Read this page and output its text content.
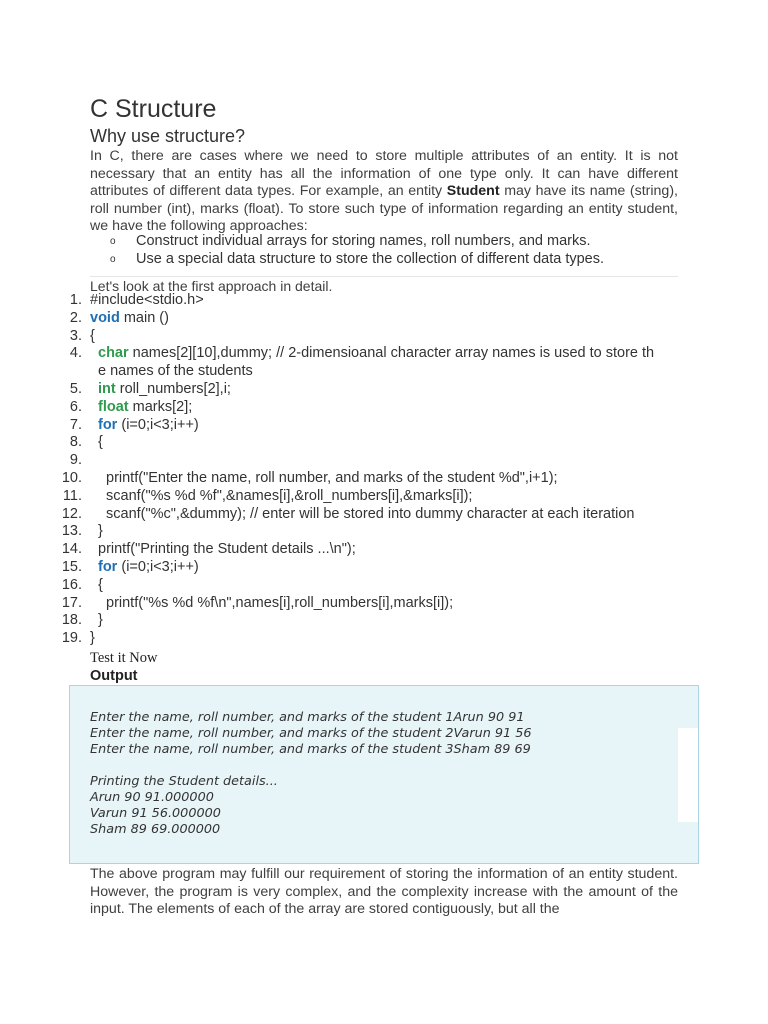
C Structure
Why use structure?
In C, there are cases where we need to store multiple attributes of an entity. It is not necessary that an entity has all the information of one type only. It can have different attributes of different data types. For example, an entity Student may have its name (string), roll number (int), marks (float). To store such type of information regarding an entity student, we have the following approaches:
o Construct individual arrays for storing names, roll numbers, and marks.
o Use a special data structure to store the collection of different data types.
Let's look at the first approach in detail.
1. #include<stdio.h>
2. void main ()
3. {
4. char names[2][10],dummy; // 2-dimensioanal character array names is used to store th
e names of the students
5. int roll_numbers[2],i;
6. float marks[2];
7. for (i=0;i<3;i++)
8. {
9.
10. printf("Enter the name, roll number, and marks of the student %d",i+1);
11. scanf("%s %d %f",&names[i],&roll_numbers[i],&marks[i]);
12. scanf("%c",&dummy); // enter will be stored into dummy character at each iteration
13. }
14. printf("Printing the Student details ...\n");
15. for (i=0;i<3;i++)
16. {
17. printf("%s %d %f\n",names[i],roll_numbers[i],marks[i]);
18. }
19. }
Test it Now
Output
Enter the name, roll number, and marks of the student 1Arun 90 91
Enter the name, roll number, and marks of the student 2Varun 91 56
Enter the name, roll number, and marks of the student 3Sham 89 69
Printing the Student details...
Arun 90 91.000000
Varun 91 56.000000
Sham 89 69.000000
The above program may fulfill our requirement of storing the information of an entity student. However, the program is very complex, and the complexity increase with the amount of the input. The elements of each of the array are stored contiguously, but all the
